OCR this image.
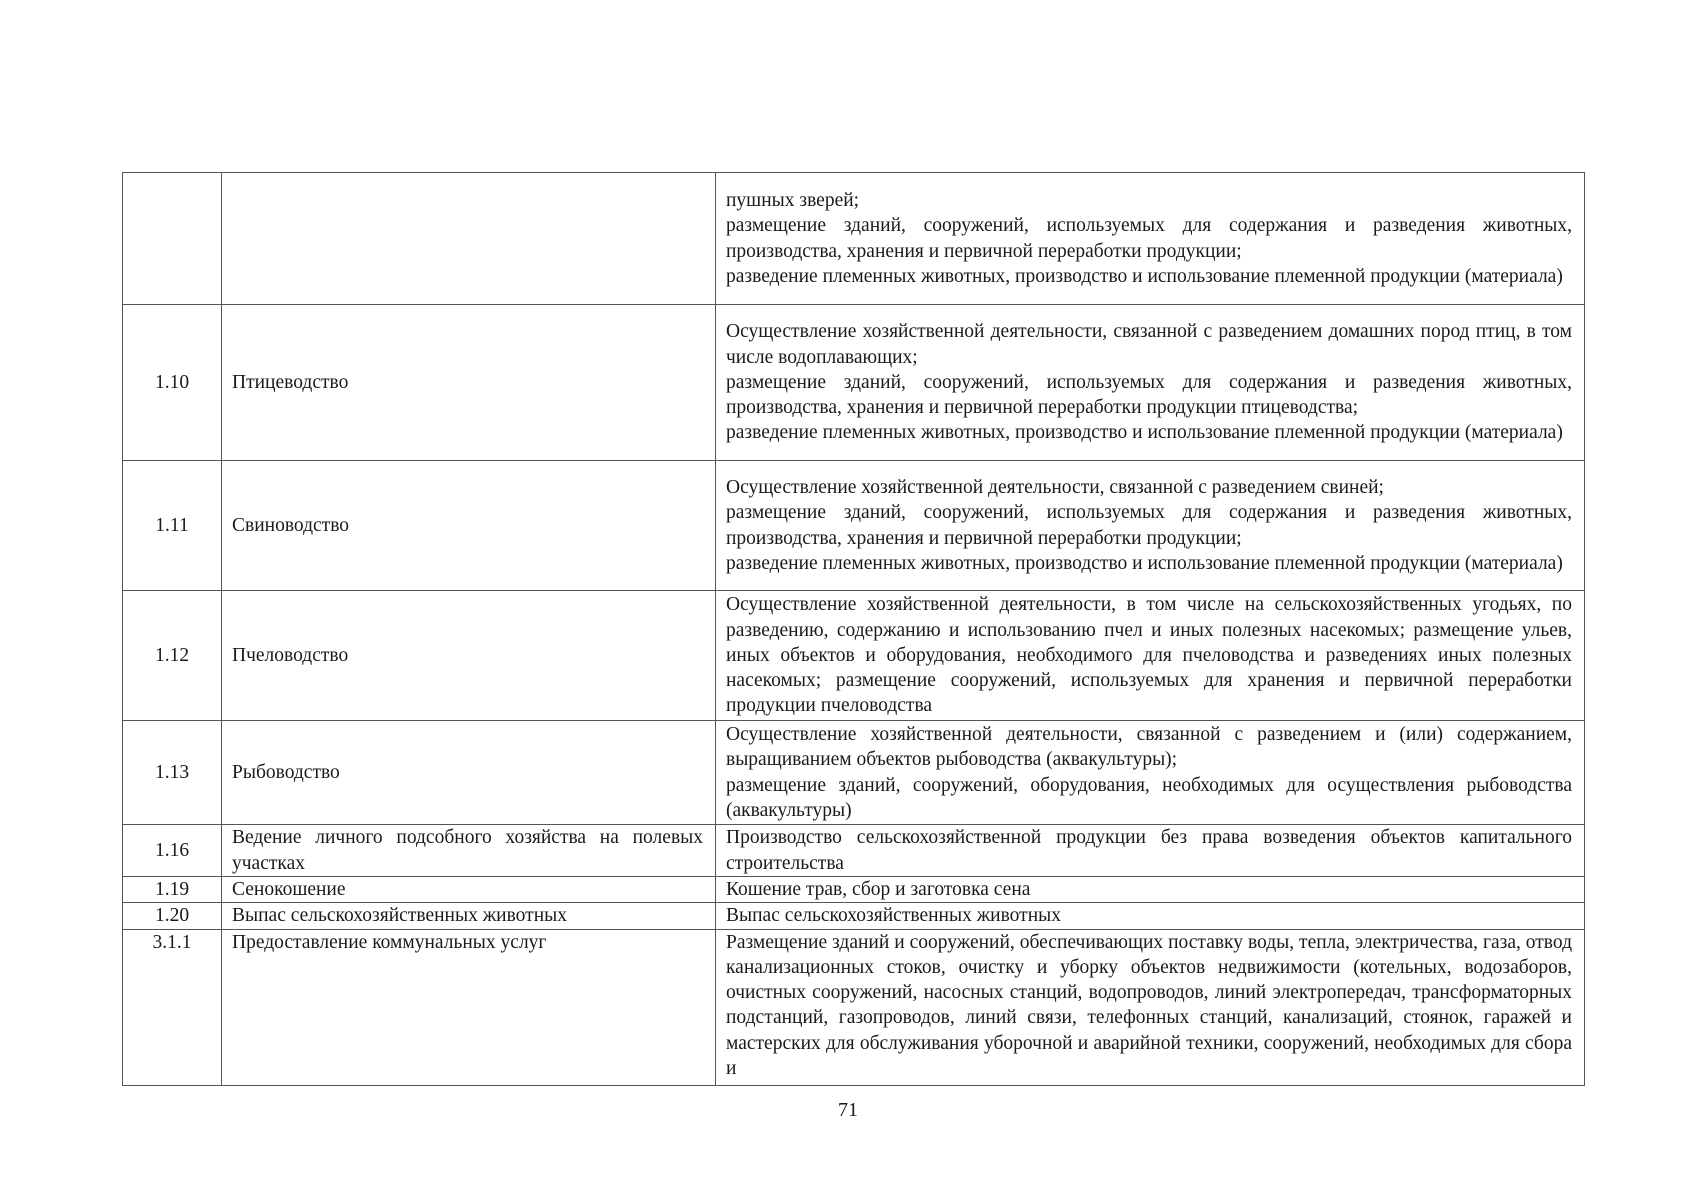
		пушных зверей;
размещение зданий, сооружений, используемых для содержания и разведения животных, производства, хранения и первичной переработки продукции;
разведение племенных животных, производство и использование племенной продукции (материала)

1.10	Птицеводство	Осуществление хозяйственной деятельности, связанной с разведением домашних пород птиц, в том числе водоплавающих;
размещение зданий, сооружений, используемых для содержания и разведения животных, производства, хранения и первичной переработки продукции птицеводства;
разведение племенных животных, производство и использование племенной продукции (материала)

1.11	Свиноводство	Осуществление хозяйственной деятельности, связанной с разведением свиней;
размещение зданий, сооружений, используемых для содержания и разведения животных, производства, хранения и первичной переработки продукции;
разведение племенных животных, производство и использование племенной продукции (материала)

1.12	Пчеловодство	Осуществление хозяйственной деятельности, в том числе на сельскохозяйственных угодьях, по разведению, содержанию и использованию пчел и иных полезных насекомых; размещение ульев, иных объектов и оборудования, необходимого для пчеловодства и разведениях иных полезных насекомых; размещение сооружений, используемых для хранения и первичной переработки продукции пчеловодства

1.13	Рыбоводство	Осуществление хозяйственной деятельности, связанной с разведением и (или) содержанием, выращиванием объектов рыбоводства (аквакультуры);
размещение зданий, сооружений, оборудования, необходимых для осуществления рыбоводства (аквакультуры)

1.16	Ведение личного подсобного хозяйства на полевых участках	Производство сельскохозяйственной продукции без права возведения объектов капитального строительства

1.19	Сенокошение	Кошение трав, сбор и заготовка сена

1.20	Выпас сельскохозяйственных животных	Выпас сельскохозяйственных животных

3.1.1	Предоставление коммунальных услуг	Размещение зданий и сооружений, обеспечивающих поставку воды, тепла, электричества, газа, отвод канализационных стоков, очистку и уборку объектов недвижимости (котельных, водозаборов, очистных сооружений, насосных станций, водопроводов, линий электропередач, трансформаторных подстанций, газопроводов, линий связи, телефонных станций, канализаций, стоянок, гаражей и мастерских для обслуживания уборочной и аварийной техники, сооружений, необходимых для сбора и
71
